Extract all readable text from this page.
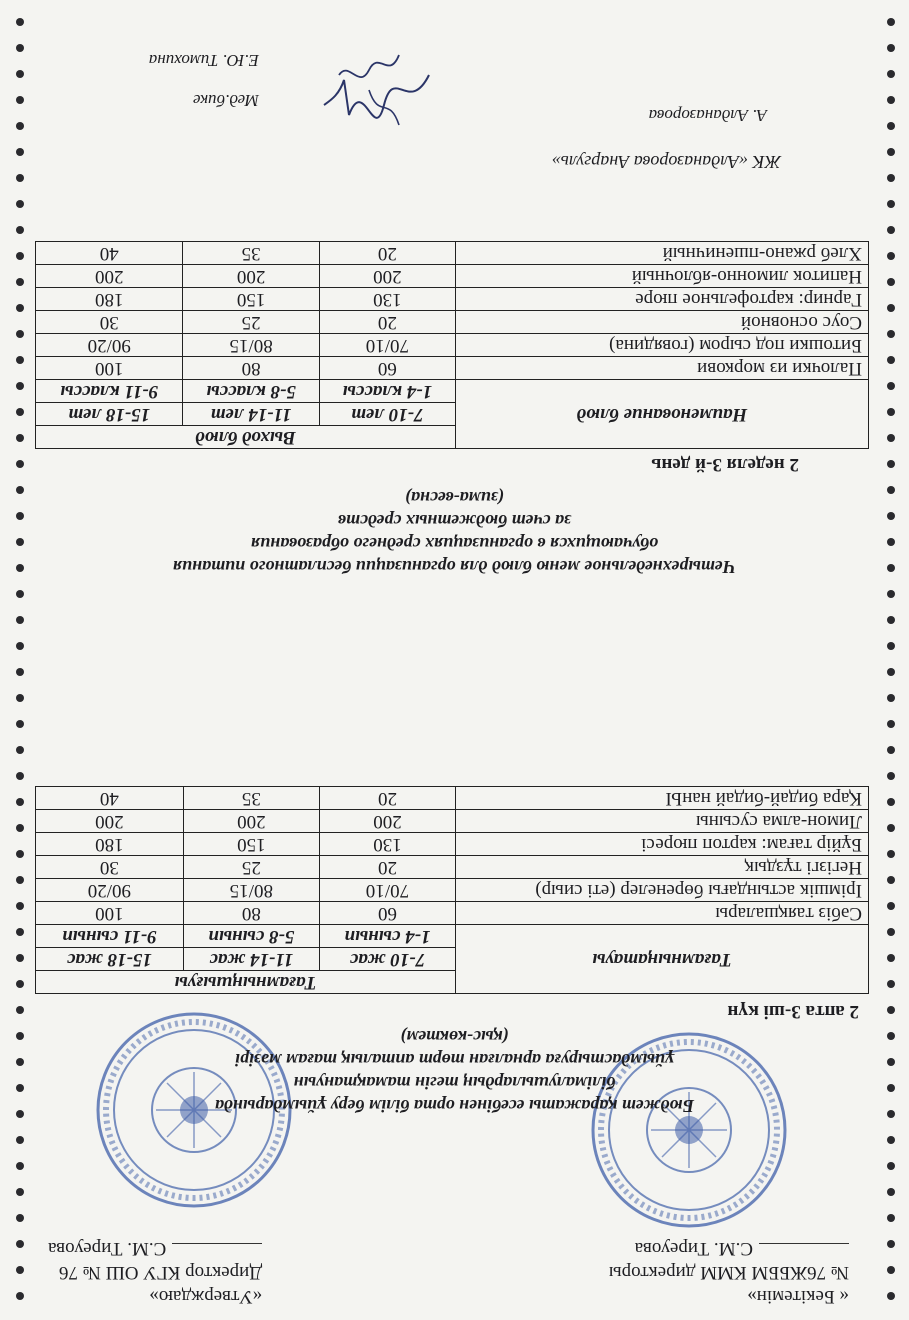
« Бекітемін»
№ 76ЖББМ КММ директоры
С.М. Тиреуова
«Утверждаю»
Директор КГУ ОШ № 76
С.М. Тиреуова
Бюджет қаражаты есебінен орта білім беру ұйымдарында
білімалушылардың тегін тамақтануын
ұйымдастыруға арналған төрт апталық тағам мәзірі
(қыс-көктем)
2 апта 3-ші күн
Тағамныңатауы	Тағамныңшығуы		
	7-10 жас	11-14 жас	15-18 жас
	1-4 сынып	5-8 сынып	9-11 сынып
Сәбіз таяқшалары	60	80	100
Ірімшік астындағы бөренелер (еті сиыр)	70/10	80/15	90/20
Негізгі тұздық	20	25	30
Бұйір тағам: картоп пюресі	130	150	180
Лимон-алма сусыны	200	200	200
Қара бидай-бидай нанЫ	20	35	40
Четырехнедельное меню блюд для организации бесплатного питания
обучающихся в организациях среднего образования
за счет бюджетных средств
(зима-весна)
2 неделя 3-й день
Наименование блюд	Выход блюд		
	7-10 лет	11-14 лет	15-18 лет
	1-4 классы	5-8 классы	9-11 классы
Палочки из моркови	60	80	100
Битошки под сыром (говядина)	70/10	80/15	90/20
Соус основной	20	25	30
Гарнир: картофельное пюре	130	150	180
Напиток лимонно-яблочный	200	200	200
Хлеб ржано-пшеничный	20	35	40
ЖК «Алданазорова Анаргуль»
А. Алданазорова
Мед.бике
Е.Ю. Тимохина
